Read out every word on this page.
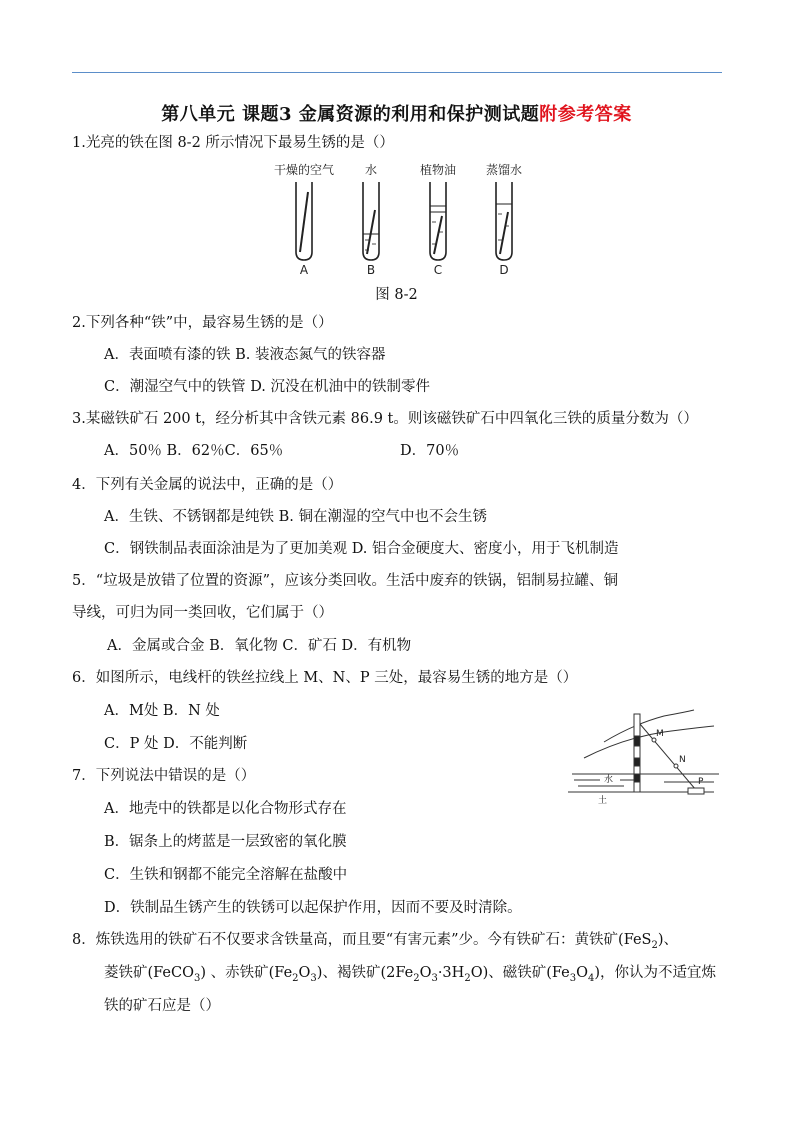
第八单元 课题3 金属资源的利用和保护测试题附参考答案
1.光亮的铁在图 8-2 所示情况下最易生锈的是（）
干燥的空气	水	植物油 蒸馏水
A	B	C	D
图 8-2
2.下列各种“铁”中，最容易生锈的是（）
A．表面喷有漆的铁 B. 装液态氮气的铁容器
C．潮湿空气中的铁管 D. 沉没在机油中的铁制零件
3.某磁铁矿石 200 t，经分析其中含铁元素 86.9 t。则该磁铁矿石中四氧化三铁的质量分数为（）
A．50％ B．62％C．65％	D．70％
4．下列有关金属的说法中，正确的是（）
A．生铁、不锈钢都是纯铁 B. 铜在潮湿的空气中也不会生锈
C．钢铁制品表面涂油是为了更加美观 D. 铝合金硬度大、密度小，用于飞机制造
5．“垃圾是放错了位置的资源”，应该分类回收。生活中废弃的铁锅，铝制易拉罐、铜
导线，可归为同一类回收，它们属于（）
A．金属或合金 B．氧化物 C．矿石 D．有机物
6．如图所示，电线杆的铁丝拉线上 M、N、P 三处，最容易生锈的地方是（）
A．M处 B．N 处
C．P 处 D．不能判断
M
N
P
水
土
7．下列说法中错误的是（）
A．地壳中的铁都是以化合物形式存在
B．锯条上的烤蓝是一层致密的氧化膜
C．生铁和钢都不能完全溶解在盐酸中
D．铁制品生锈产生的铁锈可以起保护作用，因而不要及时清除。
8．炼铁选用的铁矿石不仅要求含铁量高，而且要“有害元素”少。今有铁矿石：黄铁矿(FeS$_2$)、
菱铁矿(FeCO$_3$) 、赤铁矿$(Fe_2O_3)$、褐铁矿$(2Fe_2O_3\cdot 3H_2O)$、磁铁矿$(Fe_3O_4)$，你认为不适宜炼
铁的矿石应是（）
